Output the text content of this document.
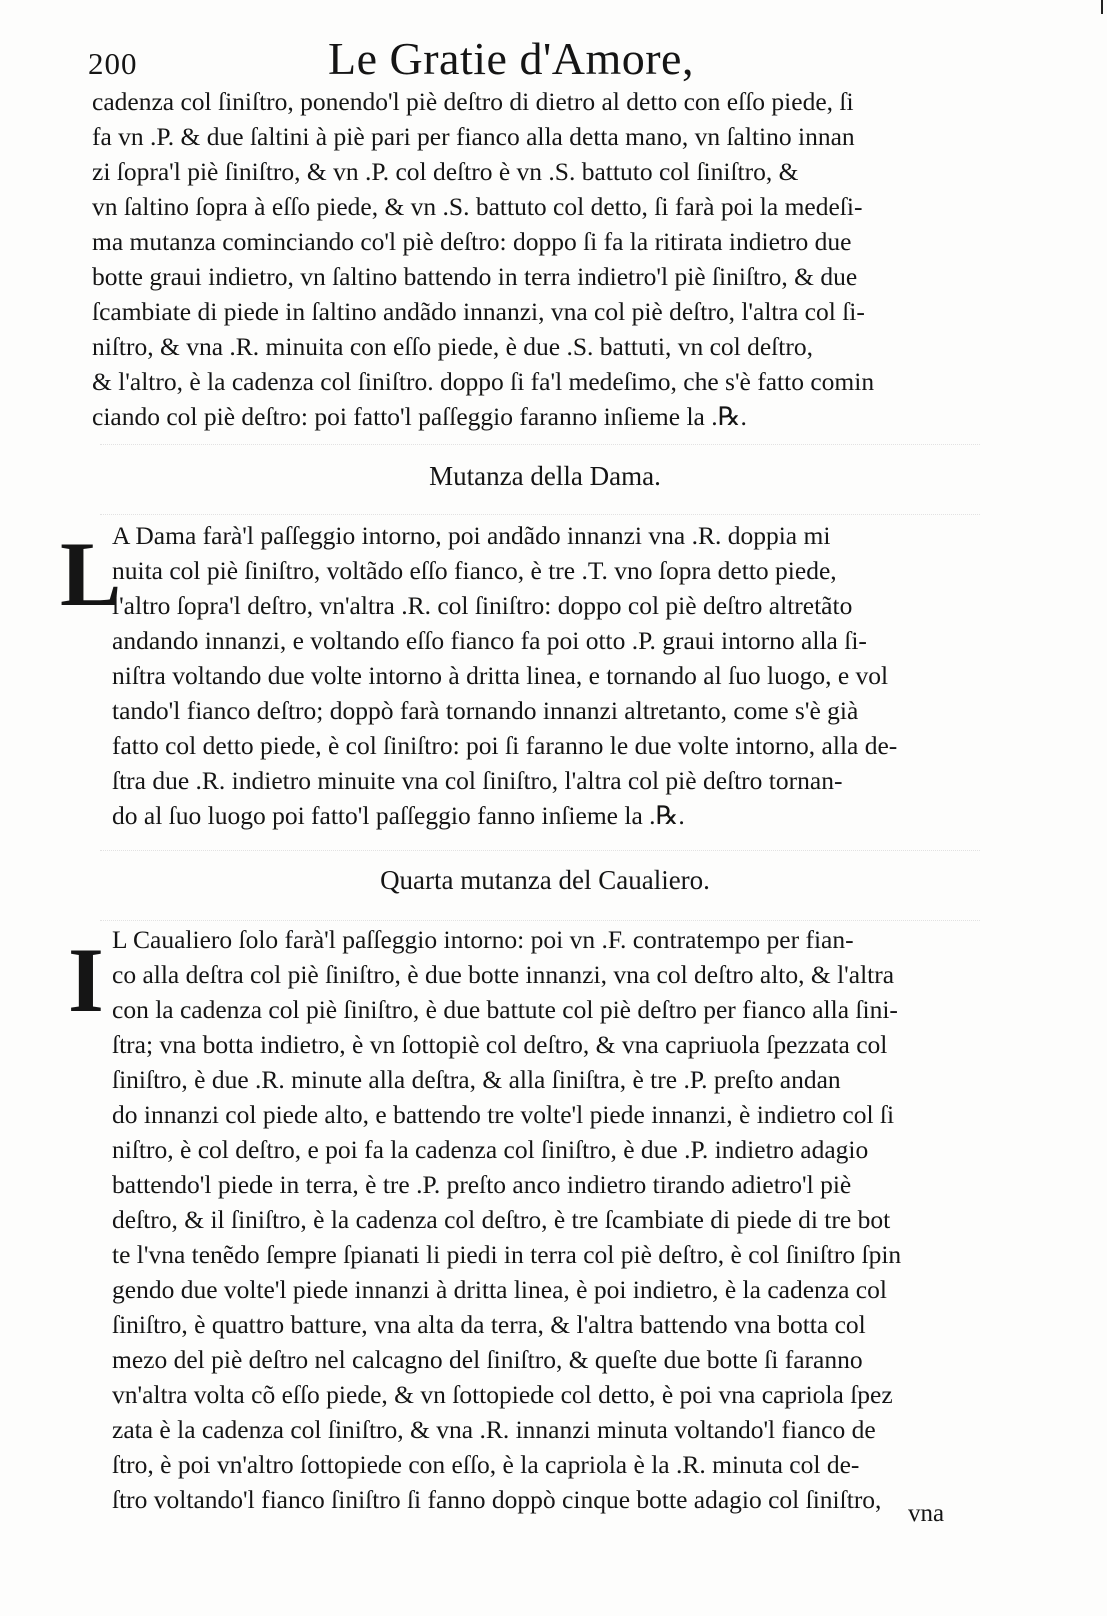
200	Le Gratie d'Amore,
cadenza col ſiniſtro, ponendo'l piè deſtro di dietro al detto con eſſo piede, ſi
fa vn .P. & due ſaltini à piè pari per fianco alla detta mano, vn ſaltino innan
zi ſopra'l piè ſiniſtro, & vn .P. col deſtro è vn .S. battuto col ſiniſtro, &
vn ſaltino ſopra à eſſo piede, & vn .S. battuto col detto, ſi farà poi la medeſi-
ma mutanza cominciando co'l piè deſtro: doppo ſi fa la ritirata indietro due
botte graui indietro, vn ſaltino battendo in terra indietro'l piè ſiniſtro, & due
ſcambiate di piede in ſaltino andãdo innanzi, vna col piè deſtro, l'altra col ſi-
niſtro, & vna .R. minuita con eſſo piede, è due .S. battuti, vn col deſtro,
& l'altro, è la cadenza col ſiniſtro. doppo ſi fa'l medeſimo, che s'è fatto comin
ciando col piè deſtro: poi fatto'l paſſeggio faranno inſieme la .℞.
Mutanza della Dama.
L
A Dama farà'l paſſeggio intorno, poi andãdo innanzi vna .R. doppia mi
nuita col piè ſiniſtro, voltãdo eſſo fianco, è tre .T. vno ſopra detto piede,
l'altro ſopra'l deſtro, vn'altra .R. col ſiniſtro: doppo col piè deſtro altretãto
andando innanzi, e voltando eſſo fianco fa poi otto .P. graui intorno alla ſi-
niſtra voltando due volte intorno à dritta linea, e tornando al ſuo luogo, e vol
tando'l fianco deſtro; doppò farà tornando innanzi altretanto, come s'è già
fatto col detto piede, è col ſiniſtro: poi ſi faranno le due volte intorno, alla de-
ſtra due .R. indietro minuite vna col ſiniſtro, l'altra col piè deſtro tornan-
do al ſuo luogo poi fatto'l paſſeggio fanno inſieme la .℞.
Quarta mutanza del Caualiero.
I L Caualiero ſolo farà'l paſſeggio intorno: poi vn .F. contratempo per fian-
co alla deſtra col piè ſiniſtro, è due botte innanzi, vna col deſtro alto, & l'altra
con la cadenza col piè ſiniſtro, è due battute col piè deſtro per fianco alla ſini-
ſtra; vna botta indietro, è vn ſottopiè col deſtro, & vna capriuola ſpezzata col
ſiniſtro, è due .R. minute alla deſtra, & alla ſiniſtra, è tre .P. preſto andan
do innanzi col piede alto, e battendo tre volte'l piede innanzi, è indietro col ſi
niſtro, è col deſtro, e poi fa la cadenza col ſiniſtro, è due .P. indietro adagio
battendo'l piede in terra, è tre .P. preſto anco indietro tirando adietro'l piè
deſtro, & il ſiniſtro, è la cadenza col deſtro, è tre ſcambiate di piede di tre bot
te l'vna tenẽdo ſempre ſpianati li piedi in terra col piè deſtro, è col ſiniſtro ſpin
gendo due volte'l piede innanzi à dritta linea, è poi indietro, è la cadenza col
ſiniſtro, è quattro batture, vna alta da terra, & l'altra battendo vna botta col
mezo del piè deſtro nel calcagno del ſiniſtro, & queſte due botte ſi faranno
vn'altra volta cõ eſſo piede, & vn ſottopiede col detto, è poi vna capriola ſpez
zata è la cadenza col ſiniſtro, & vna .R. innanzi minuta voltando'l fianco de
ſtro, è poi vn'altro ſottopiede con eſſo, è la capriola è la .R. minuta col de-
ſtro voltando'l fianco ſiniſtro ſi fanno doppò cinque botte adagio col ſiniſtro,	vna
